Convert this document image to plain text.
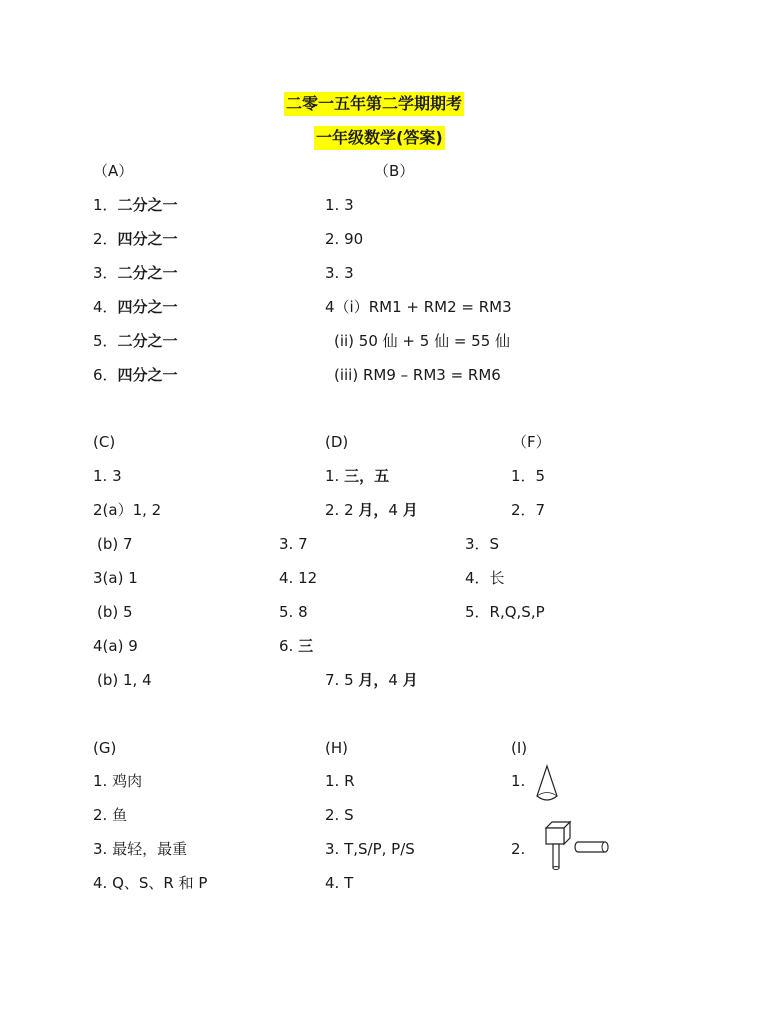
二零一五年第二学期期考
一年级数学(答案)
（A）
1．二分之一
2．四分之一
3．二分之一
4．四分之一
5．二分之一
6．四分之一
（B）
1. 3
2. 90
3. 3
4（i）RM1 + RM2 = RM3
(ii) 50 仙 + 5 仙 = 55 仙
(iii) RM9 – RM3 = RM6
(C)
1. 3
2(a）1, 2
(b) 7
3(a) 1
(b) 5
4(a) 9
(b) 1, 4
(D)
1. 三，五
2. 2 月，4 月
3. 7
4. 12
5. 8
6. 三
7. 5 月，4 月
（F）
1．5
2．7
3．S
4．长
5．R,Q,S,P
(G)
1. 鸡肉
2. 鱼
3. 最轻，最重
4. Q、S、R 和 P
(H)
1. R
2. S
3. T,S/P, P/S
4. T
(I)
1.
2.
